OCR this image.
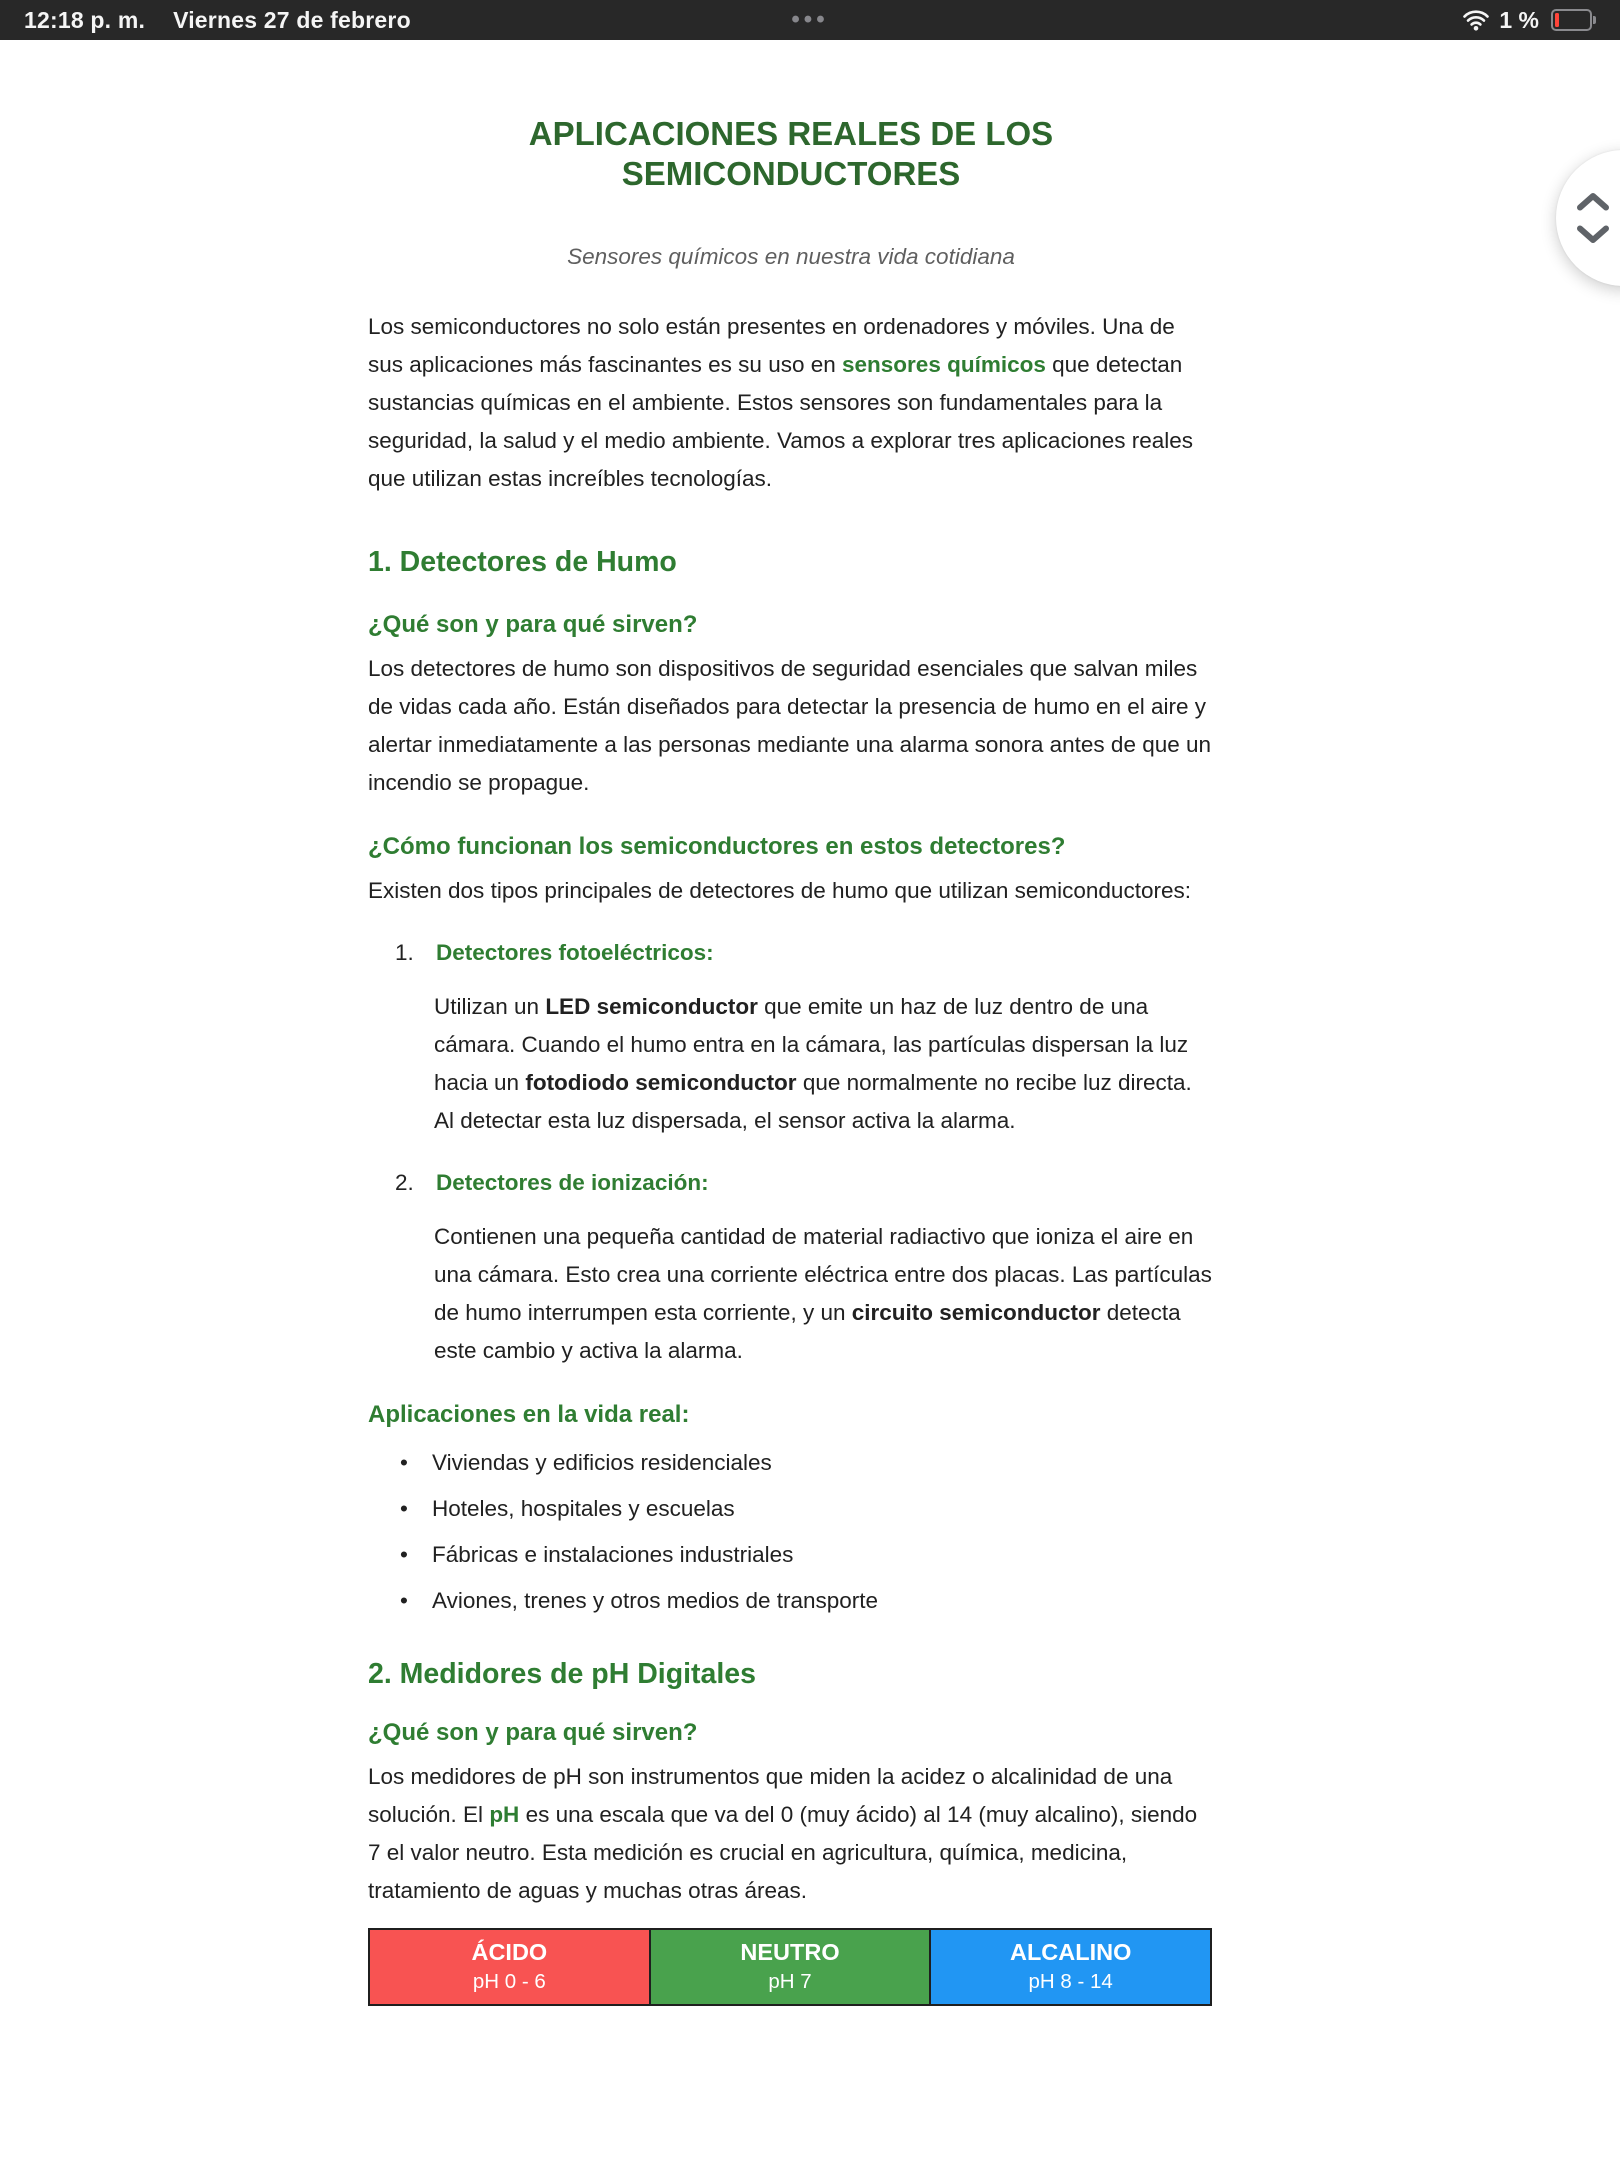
12:18 p. m. Viernes 27 de febrero	•••	1 %
APLICACIONES REALES DE LOS SEMICONDUCTORES

Sensores químicos en nuestra vida cotidiana

Los semiconductores no solo están presentes en ordenadores y móviles. Una de sus aplicaciones más fascinantes es su uso en sensores químicos que detectan sustancias químicas en el ambiente. Estos sensores son fundamentales para la seguridad, la salud y el medio ambiente. Vamos a explorar tres aplicaciones reales que utilizan estas increíbles tecnologías.

1. Detectores de Humo
¿Qué son y para qué sirven?

Los detectores de humo son dispositivos de seguridad esenciales que salvan miles de vidas cada año. Están diseñados para detectar la presencia de humo en el aire y alertar inmediatamente a las personas mediante una alarma sonora antes de que un incendio se propague.

¿Cómo funcionan los semiconductores en estos detectores?

Existen dos tipos principales de detectores de humo que utilizan semiconductores:

1. Detectores fotoeléctricos:

Utilizan un LED semiconductor que emite un haz de luz dentro de una cámara. Cuando el humo entra en la cámara, las partículas dispersan la luz hacia un fotodiodo semiconductor que normalmente no recibe luz directa. Al detectar esta luz dispersada, el sensor activa la alarma.

2. Detectores de ionización:

Contienen una pequeña cantidad de material radiactivo que ioniza el aire en una cámara. Esto crea una corriente eléctrica entre dos placas. Las partículas de humo interrumpen esta corriente, y un circuito semiconductor detecta este cambio y activa la alarma.

Aplicaciones en la vida real:
•	Viviendas y edificios residenciales
•	Hoteles, hospitales y escuelas
•	Fábricas e instalaciones industriales
•	Aviones, trenes y otros medios de transporte
2. Medidores de pH Digitales
¿Qué son y para qué sirven?

Los medidores de pH son instrumentos que miden la acidez o alcalinidad de una solución. El pH es una escala que va del 0 (muy ácido) al 14 (muy alcalino), siendo 7 el valor neutro. Esta medición es crucial en agricultura, química, medicina, tratamiento de aguas y muchas otras áreas.

ÁCIDO
pH 0 - 6
NEUTRO
pH 7
ALCALINO
pH 8 - 14
